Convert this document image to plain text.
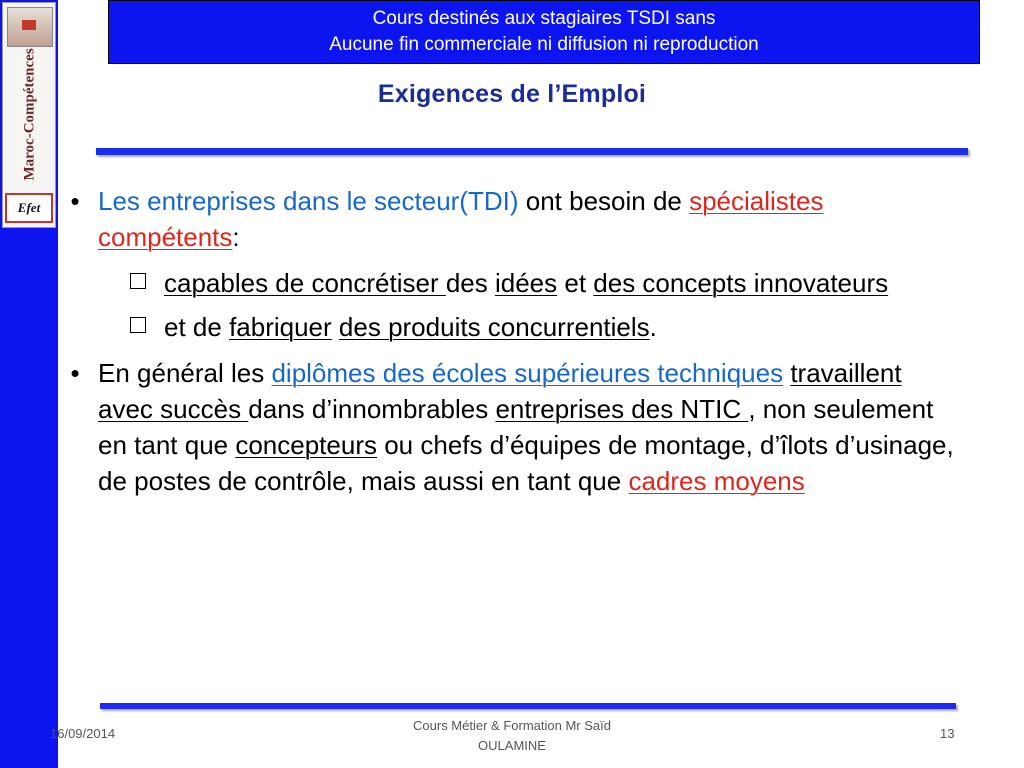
Maroc-Compétences
Efet
Cours destinés aux stagiaires TSDI sans
Aucune fin commerciale ni diffusion ni reproduction
Exigences de l’Emploi
• Les entreprises dans le secteur(TDI) ont besoin de spécialistes compétents:
capables de concrétiser des idées et des concepts innovateurs
et de fabriquer des produits concurrentiels.
• En général les diplômes des écoles supérieures techniques travaillent avec succès dans d’innombrables entreprises des NTIC , non seulement en tant que concepteurs ou chefs d’équipes de montage, d’îlots d’usinage, de postes de contrôle, mais aussi en tant que cadres moyens
16/09/2014
Cours Métier & Formation Mr Saïd
OULAMINE
13
